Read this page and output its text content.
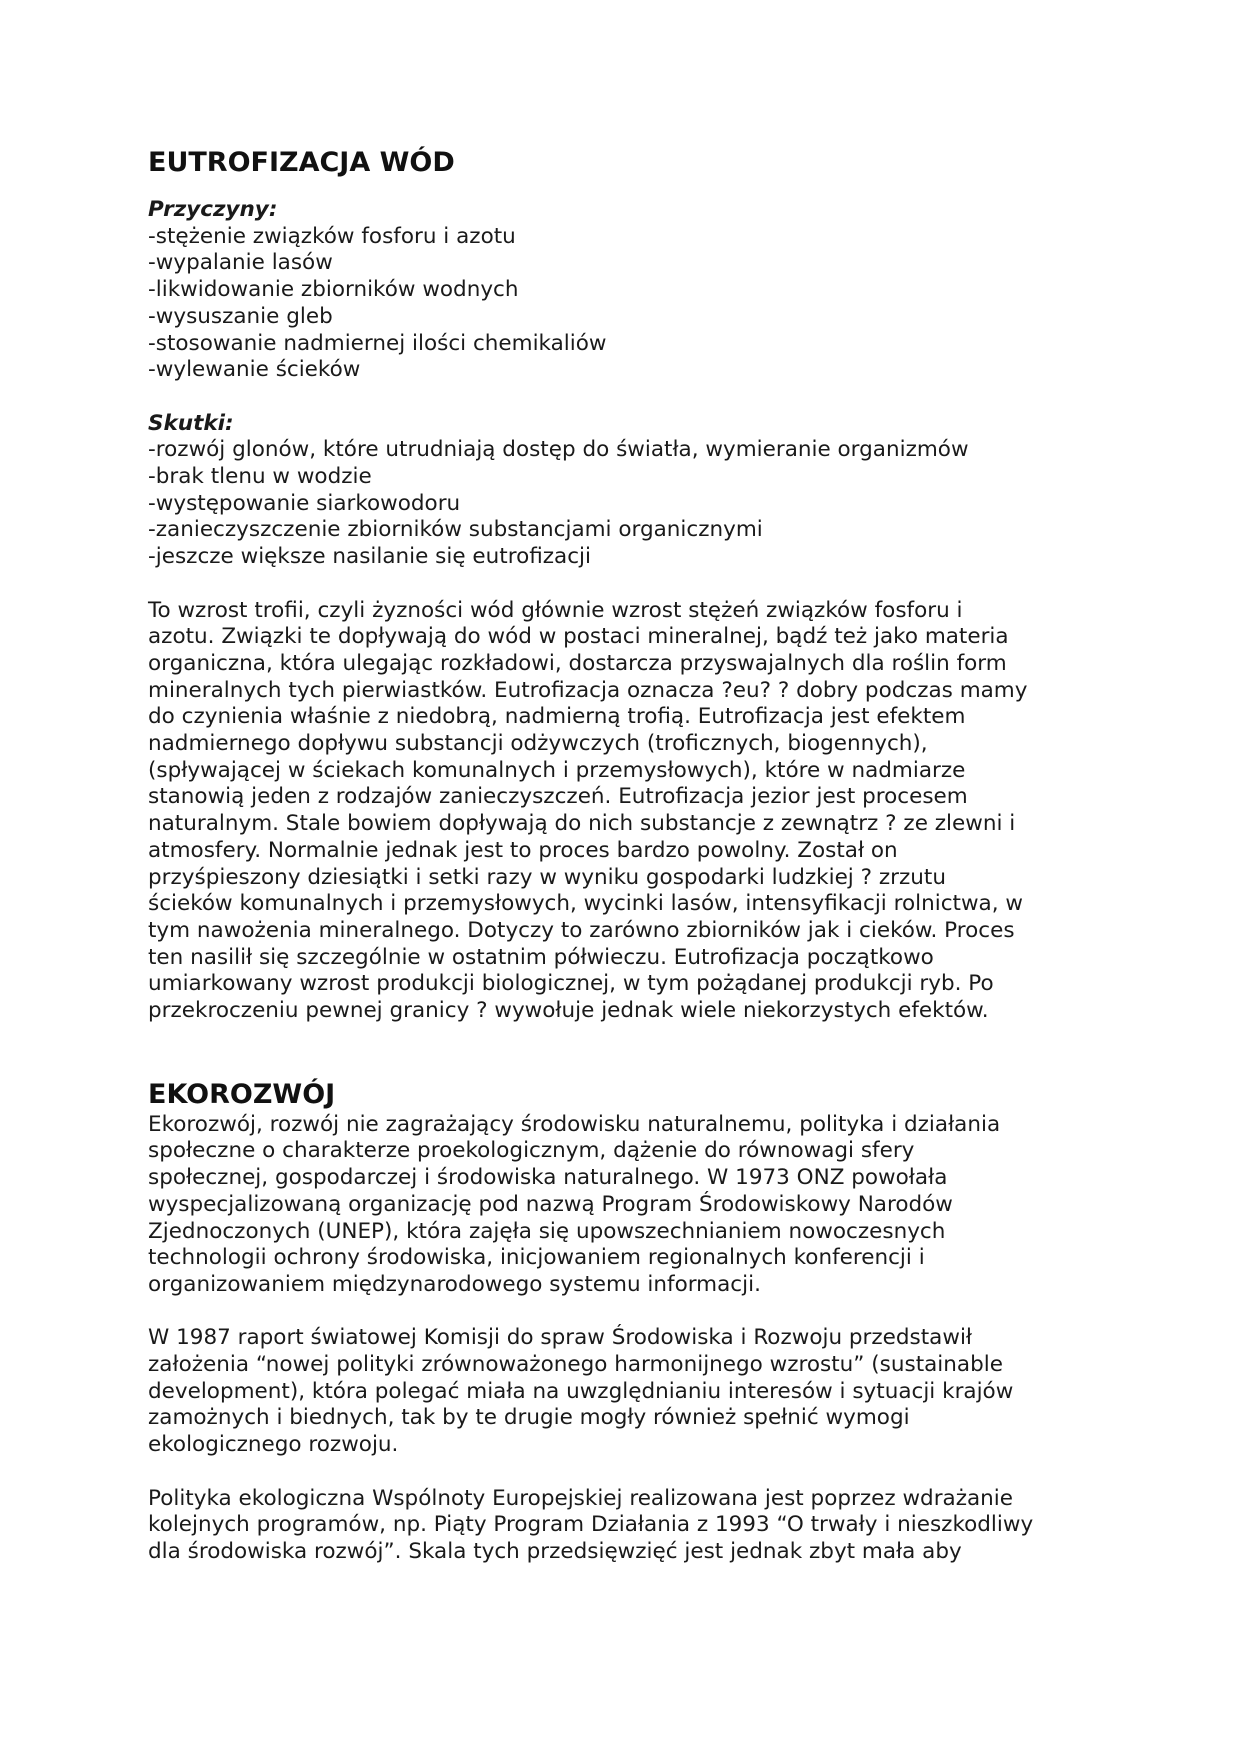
EUTROFIZACJA WÓD
Przyczyny:
-stężenie związków fosforu i azotu
-wypalanie lasów
-likwidowanie zbiorników wodnych
-wysuszanie gleb
-stosowanie nadmiernej ilości chemikaliów
-wylewanie ścieków
Skutki:
-rozwój glonów, które utrudniają dostęp do światła, wymieranie organizmów
-brak tlenu w wodzie
-występowanie siarkowodoru
-zanieczyszczenie zbiorników substancjami organicznymi
-jeszcze większe nasilanie się eutrofizacji

To wzrost trofii, czyli żyzności wód głównie wzrost stężeń związków fosforu i

azotu. Związki te dopływają do wód w postaci mineralnej, bądź też jako materia

organiczna, która ulegając rozkładowi, dostarcza przyswajalnych dla roślin form

mineralnych tych pierwiastków. Eutrofizacja oznacza ?eu? ? dobry podczas mamy

do czynienia właśnie z niedobrą, nadmierną trofią. Eutrofizacja jest efektem

nadmiernego dopływu substancji odżywczych (troficznych, biogennych),

(spływającej w ściekach komunalnych i przemysłowych), które w nadmiarze

stanowią jeden z rodzajów zanieczyszczeń. Eutrofizacja jezior jest procesem

naturalnym. Stale bowiem dopływają do nich substancje z zewnątrz ? ze zlewni i

atmosfery. Normalnie jednak jest to proces bardzo powolny. Został on

przyśpieszony dziesiątki i setki razy w wyniku gospodarki ludzkiej ? zrzutu

ścieków komunalnych i przemysłowych, wycinki lasów, intensyfikacji rolnictwa, w

tym nawożenia mineralnego. Dotyczy to zarówno zbiorników jak i cieków. Proces

ten nasilił się szczególnie w ostatnim półwieczu. Eutrofizacja początkowo

umiarkowany wzrost produkcji biologicznej, w tym pożądanej produkcji ryb. Po

przekroczeniu pewnej granicy ? wywołuje jednak wiele niekorzystych efektów.

EKOROZWÓJ

Ekorozwój, rozwój nie zagrażający środowisku naturalnemu, polityka i działania

społeczne o charakterze proekologicznym, dążenie do równowagi sfery

społecznej, gospodarczej i środowiska naturalnego. W 1973 ONZ powołała

wyspecjalizowaną organizację pod nazwą Program Środowiskowy Narodów

Zjednoczonych (UNEP), która zajęła się upowszechnianiem nowoczesnych

technologii ochrony środowiska, inicjowaniem regionalnych konferencji i

organizowaniem międzynarodowego systemu informacji.

W 1987 raport światowej Komisji do spraw Środowiska i Rozwoju przedstawił

założenia “nowej polityki zrównoważonego harmonijnego wzrostu” (sustainable

development), która polegać miała na uwzględnianiu interesów i sytuacji krajów

zamożnych i biednych, tak by te drugie mogły również spełnić wymogi

ekologicznego rozwoju.

Polityka ekologiczna Wspólnoty Europejskiej realizowana jest poprzez wdrażanie

kolejnych programów, np. Piąty Program Działania z 1993 “O trwały i nieszkodliwy

dla środowiska rozwój”. Skala tych przedsięwzięć jest jednak zbyt mała aby
